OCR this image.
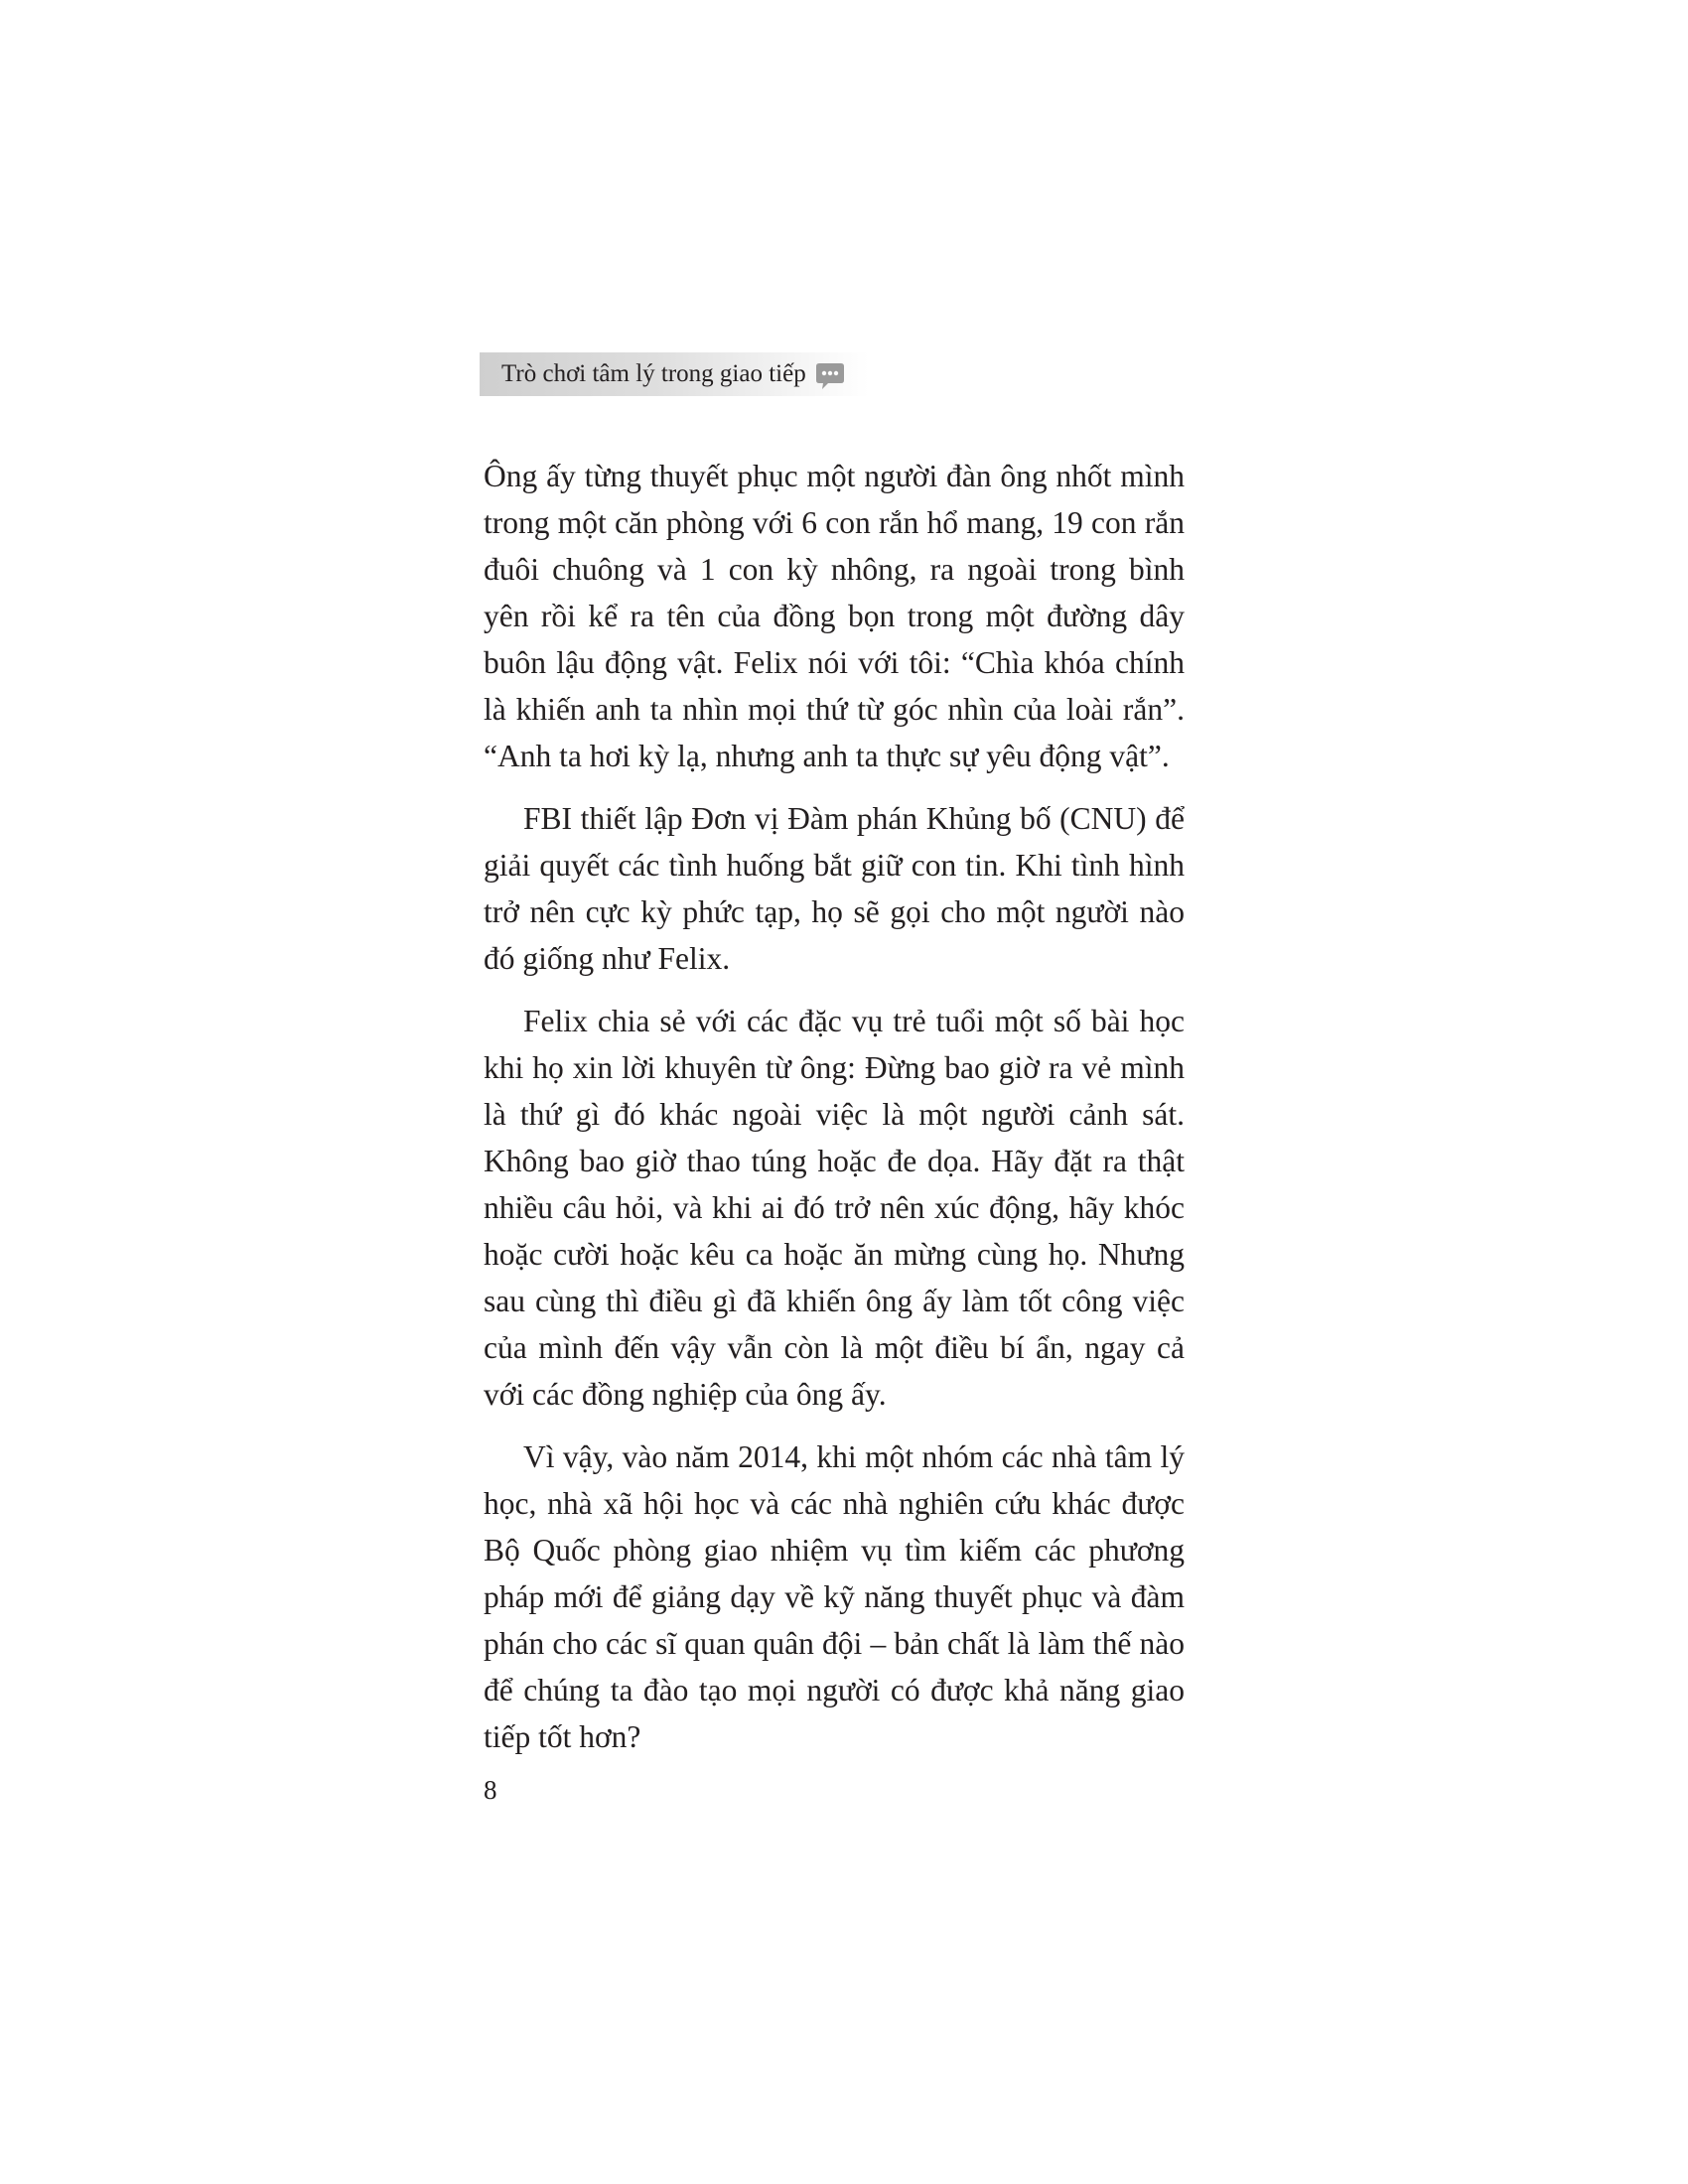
Trò chơi tâm lý trong giao tiếp

Ông ấy từng thuyết phục một người đàn ông nhốt mình trong một căn phòng với 6 con rắn hổ mang, 19 con rắn đuôi chuông và 1 con kỳ nhông, ra ngoài trong bình yên rồi kể ra tên của đồng bọn trong một đường dây buôn lậu động vật. Felix nói với tôi: “Chìa khóa chính là khiến anh ta nhìn mọi thứ từ góc nhìn của loài rắn”. “Anh ta hơi kỳ lạ, nhưng anh ta thực sự yêu động vật”.

FBI thiết lập Đơn vị Đàm phán Khủng bố (CNU) để giải quyết các tình huống bắt giữ con tin. Khi tình hình trở nên cực kỳ phức tạp, họ sẽ gọi cho một người nào đó giống như Felix.

Felix chia sẻ với các đặc vụ trẻ tuổi một số bài học khi họ xin lời khuyên từ ông: Đừng bao giờ ra vẻ mình là thứ gì đó khác ngoài việc là một người cảnh sát. Không bao giờ thao túng hoặc đe dọa. Hãy đặt ra thật nhiều câu hỏi, và khi ai đó trở nên xúc động, hãy khóc hoặc cười hoặc kêu ca hoặc ăn mừng cùng họ. Nhưng sau cùng thì điều gì đã khiến ông ấy làm tốt công việc của mình đến vậy vẫn còn là một điều bí ẩn, ngay cả với các đồng nghiệp của ông ấy.

Vì vậy, vào năm 2014, khi một nhóm các nhà tâm lý học, nhà xã hội học và các nhà nghiên cứu khác được Bộ Quốc phòng giao nhiệm vụ tìm kiếm các phương pháp mới để giảng dạy về kỹ năng thuyết phục và đàm phán cho các sĩ quan quân đội – bản chất là làm thế nào để chúng ta đào tạo mọi người có được khả năng giao tiếp tốt hơn?

8
